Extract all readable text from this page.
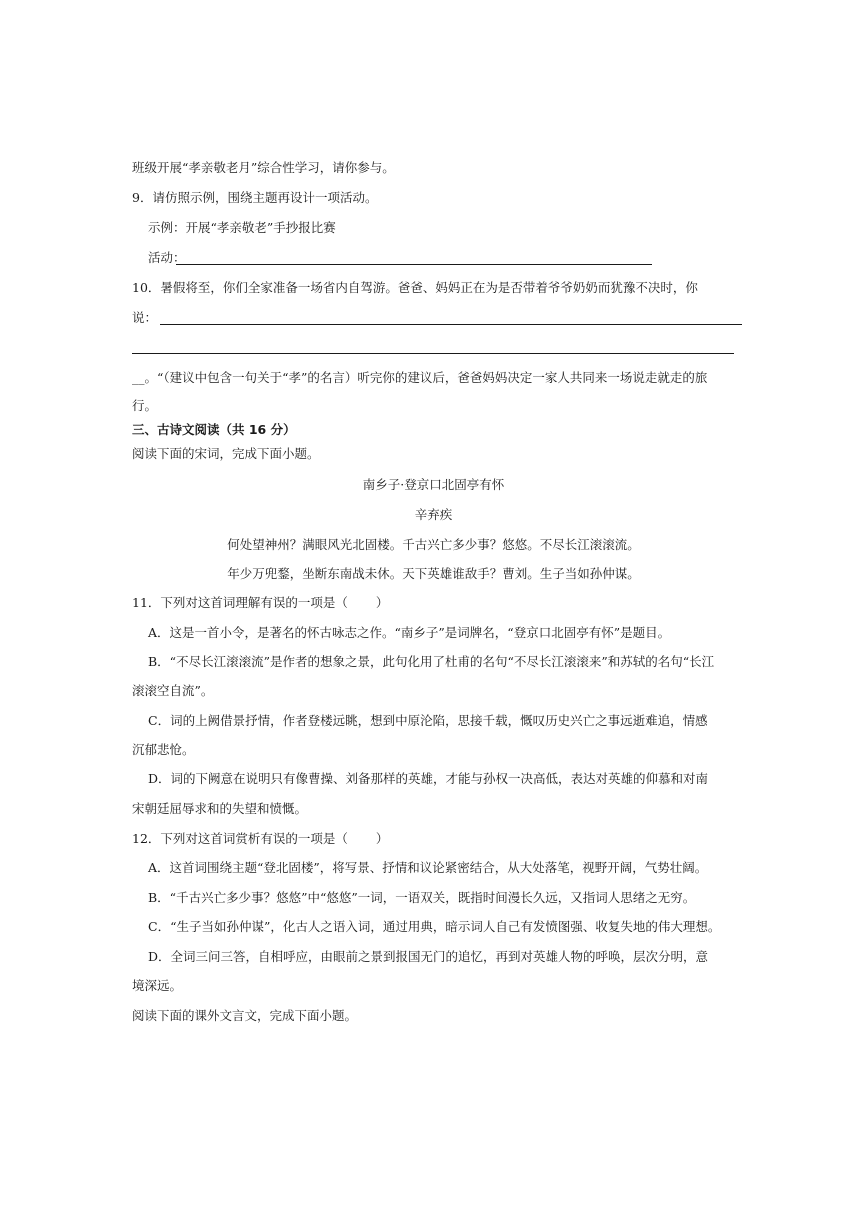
班级开展“孝亲敬老月”综合性学习，请你参与。
9．请仿照示例，围绕主题再设计一项活动。
示例：开展“孝亲敬老”手抄报比赛
活动：
10．暑假将至，你们全家准备一场省内自驾游。爸爸、妈妈正在为是否带着爷爷奶奶而犹豫不决时，你
说：
__。“（建议中包含一句关于“孝”的名言）听完你的建议后，爸爸妈妈决定一家人共同来一场说走就走的旅
行。
三、古诗文阅读（共 16 分）
阅读下面的宋词，完成下面小题。
南乡子·登京口北固亭有怀
辛弃疾
何处望神州？满眼风光北固楼。千古兴亡多少事？悠悠。不尽长江滚滚流。
年少万兜鍪，坐断东南战未休。天下英雄谁敌手？曹刘。生子当如孙仲谋。
11．下列对这首词理解有误的一项是（ ）
A．这是一首小令，是著名的怀古咏志之作。“南乡子”是词牌名，“登京口北固亭有怀”是题目。
B．“不尽长江滚滚流”是作者的想象之景，此句化用了杜甫的名句“不尽长江滚滚来”和苏轼的名句“长江
滚滚空自流”。
C．词的上阙借景抒情，作者登楼远眺，想到中原沦陷，思接千载，慨叹历史兴亡之事远逝难追，情感
沉郁悲怆。
D．词的下阙意在说明只有像曹操、刘备那样的英雄，才能与孙权一决高低，表达对英雄的仰慕和对南
宋朝廷屈辱求和的失望和愤慨。
12．下列对这首词赏析有误的一项是（ ）
A．这首词围绕主题“登北固楼”，将写景、抒情和议论紧密结合，从大处落笔，视野开阔，气势壮阔。
B．“千古兴亡多少事？悠悠”中“悠悠”一词，一语双关，既指时间漫长久远，又指词人思绪之无穷。
C．“生子当如孙仲谋”，化古人之语入词，通过用典，暗示词人自己有发愤图强、收复失地的伟大理想。
D．全词三问三答，自相呼应，由眼前之景到报国无门的追忆，再到对英雄人物的呼唤，层次分明，意
境深远。
阅读下面的课外文言文，完成下面小题。
